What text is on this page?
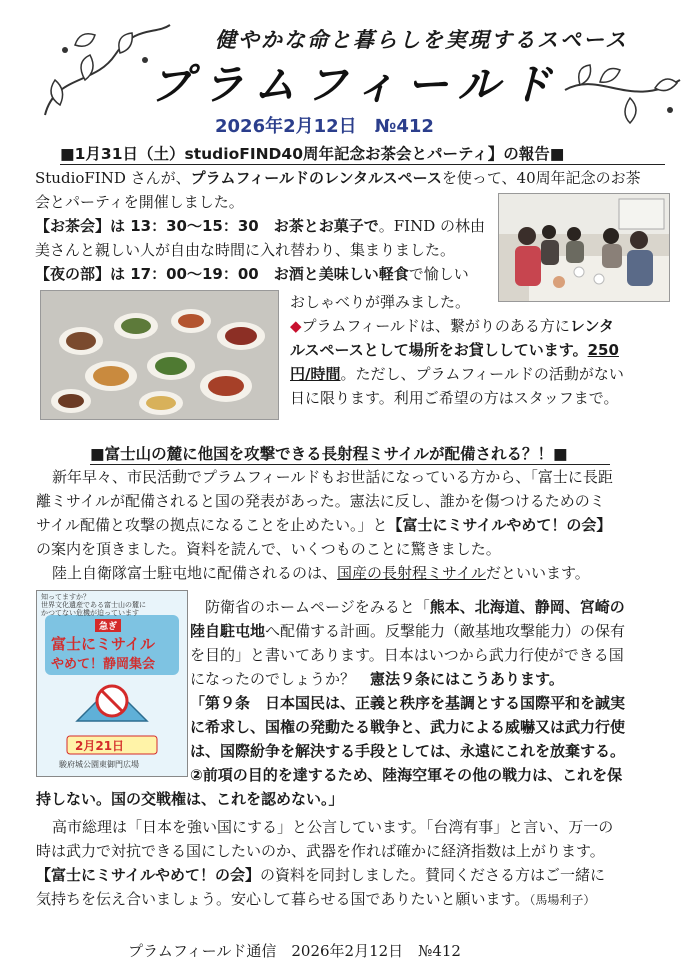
健やかな命と暮らしを実現するスペース
プラムフィールド
2026年2月12日　№412
■1月31日（土）studioFIND40周年記念お茶会とパーティ】の報告■
StudioFIND さんが、プラムフィールドのレンタルスペースを使って、40周年記念のお茶
会とパーティを開催しました。
【お茶会】は 13：30～15：30　 お茶とお菓子で。FIND の林由
美さんと親しい人が自由な時間に入れ替わり、集まりました。
【夜の部】は 17：00～19：00　 お酒と美味しい軽食で愉しい
おしゃべりが弾みました。
◆プラムフィールドは、繋がりのある方にレンタ
ルスペースとして場所をお貸ししています。250
円/時間。ただし、プラムフィールドの活動がない
日に限ります。利用ご希望の方はスタッフまで。
■富士山の麓に他国を攻撃できる長射程ミサイルが配備される？！■
新年早々、市民活動でプラムフィールドもお世話になっている方から、「富士に長距
離ミサイルが配備されると国の発表があった。憲法に反し、誰かを傷つけるためのミ
サイル配備と攻撃の拠点になることを止めたい。」と【富士にミサイルやめて！の会】
の案内を頂きました。資料を読んで、いくつものことに驚きました。
陸上自衛隊富士駐屯地に配備されるのは、国産の長射程ミサイルだといいます。
知ってますか？
世界文化遺産である富士山の麓に
かつてない危機が迫っています
急ぎ
富士にミサイル
やめて！静岡集会
2月21日
駿府城公園東御門広場
防衛省のホームページをみると「熊本、北海道、静岡、宮崎の
陸自駐屯地へ配備する計画。反撃能力（敵基地攻撃能力）の保有
を目的」と書いてあります。日本はいつから武力行使ができる国
になったのでしょうか？　憲法９条にはこうあります。
「第９条　日本国民は、正義と秩序を基調とする国際平和を誠実
に希求し、国権の発動たる戦争と、武力による威嚇又は武力行使
は、国際紛争を解決する手段としては、永遠にこれを放棄する。
②前項の目的を達するため、陸海空軍その他の戦力は、これを保
持しない。国の交戦権は、これを認めない。」
高市総理は「日本を強い国にする」と公言しています。「台湾有事」と言い、万一の
時は武力で対抗できる国にしたいのか、武器を作れば確かに経済指数は上がります。
【富士にミサイルやめて！の会】の資料を同封しました。賛同くださる方はご一緒に
気持ちを伝え合いましょう。安心して暮らせる国でありたいと願います。（馬場利子）
プラムフィールド通信　2026年2月12日　№412
